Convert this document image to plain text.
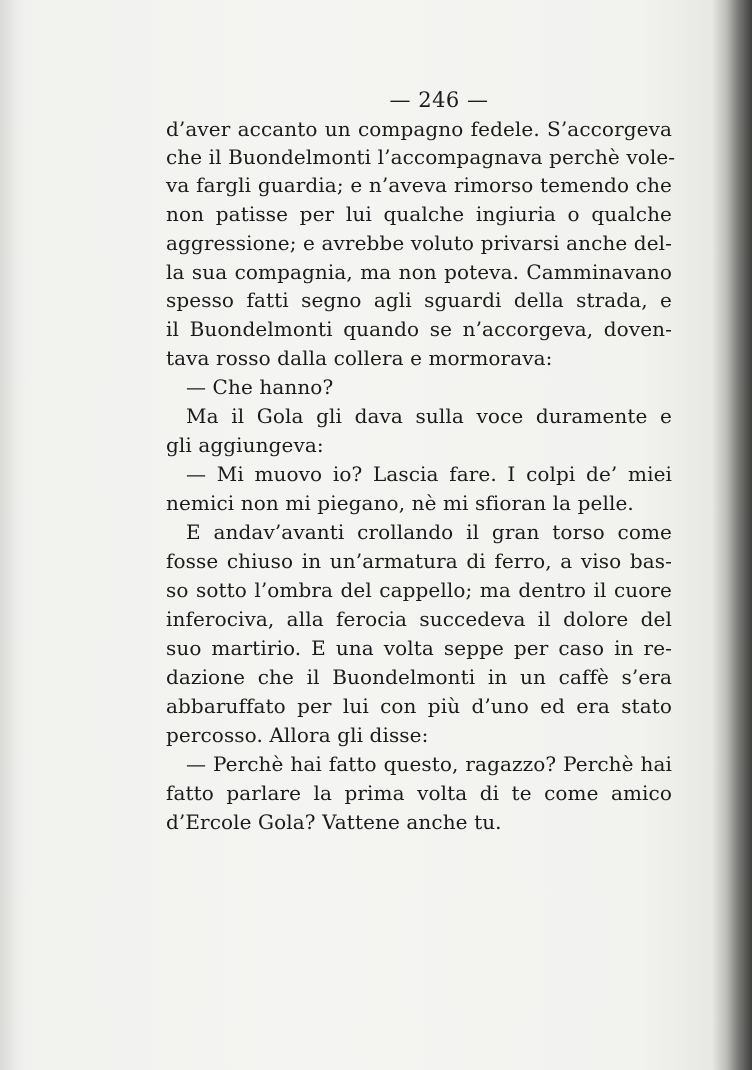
— 246 —
d’aver accanto un compagno fedele. S’accorgeva
che il Buondelmonti l’accompagnava perchè vole-
va fargli guardia; e n’aveva rimorso temendo che
non patisse per lui qualche ingiuria o qualche
aggressione; e avrebbe voluto privarsi anche del-
la sua compagnia, ma non poteva. Camminavano
spesso fatti segno agli sguardi della strada, e
il Buondelmonti quando se n’accorgeva, doven-
tava rosso dalla collera e mormorava:
— Che hanno?
Ma il Gola gli dava sulla voce duramente e
gli aggiungeva:
— Mi muovo io? Lascia fare. I colpi de’ miei
nemici non mi piegano, nè mi sfioran la pelle.
E andav’avanti crollando il gran torso come
fosse chiuso in un’armatura di ferro, a viso bas-
so sotto l’ombra del cappello; ma dentro il cuore
inferociva, alla ferocia succedeva il dolore del
suo martirio. E una volta seppe per caso in re-
dazione che il Buondelmonti in un caffè s’era
abbaruffato per lui con più d’uno ed era stato
percosso. Allora gli disse:
— Perchè hai fatto questo, ragazzo? Perchè hai
fatto parlare la prima volta di te come amico
d’Ercole Gola? Vattene anche tu.
